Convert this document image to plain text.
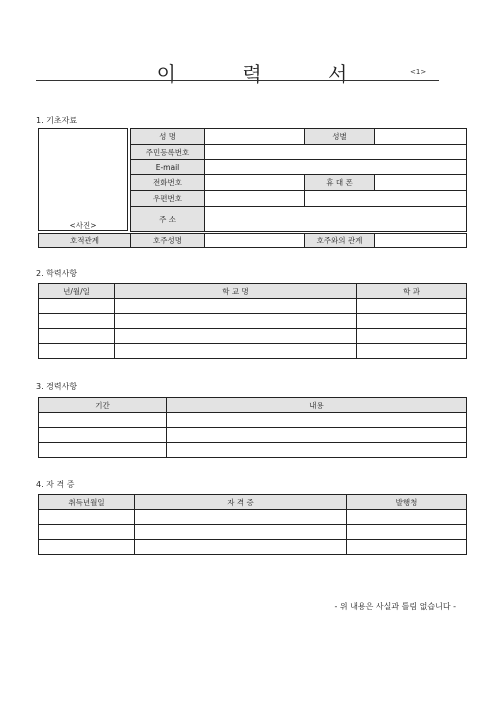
이 력 서	<1>
1. 기초자료
<사진>
성 명		성별	
주민등록번호			
E-mail			
전화번호		휴 대 폰	
우편번호			
주 소			
호적관계	호주성명		호주와의 관계	
2. 학력사항
년/월/일	학 교 명	학 과

3. 경력사항
기간	내용

4. 자 격 증
취득년월일	자 격 증	발행청

- 위 내용은 사실과 틀림 없습니다 -
